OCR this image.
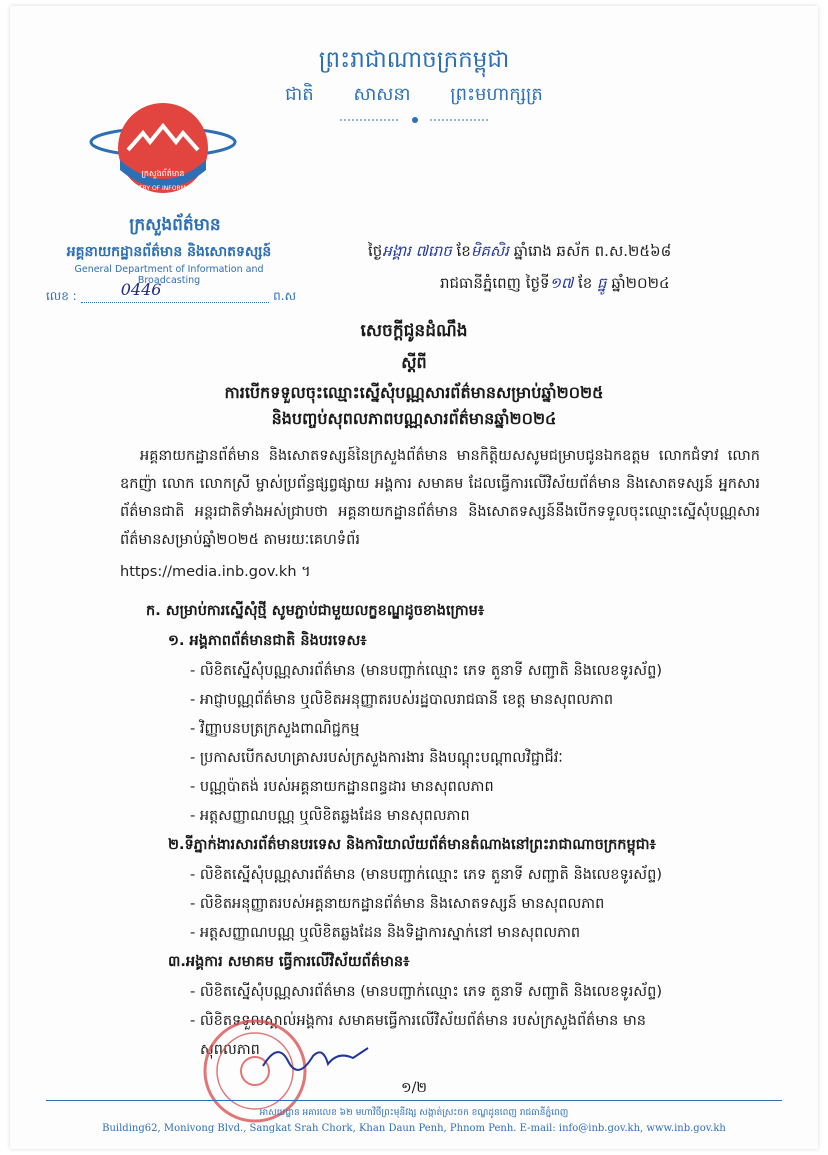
ព្រះរាជាណាចក្រកម្ពុជា
ជាតិ សាសនា ព្រះមហាក្សត្រ
ក្រសួងព័ត៌មាន
MINISTRY OF INFORMATION
ក្រសួងព័ត៌មាន
អគ្គនាយកដ្ឋានព័ត៌មាន និងសោតទស្សន៍
General Department of Information and Broadcasting
លេខ :	0446	ព.ស
ថ្ងៃអង្គារ ៧រោច ខែមិគសិរ ឆ្នាំរោង ឆស័ក ព.ស.២៥៦៨
រាជធានីភ្នំពេញ ថ្ងៃទី១៧ ខែ ធ្នូ ឆ្នាំ២០២៤
សេចក្តីជូនដំណឹង
ស្តីពី
ការបើកទទួលចុះឈ្មោះស្នើសុំបណ្ណសារព័ត៌មានសម្រាប់ឆ្នាំ២០២៥
និងបញ្ចប់សុពលភាពបណ្ណសារព័ត៌មានឆ្នាំ២០២៤
អគ្គនាយកដ្ឋានព័ត៌មាន និងសោតទស្សន៍នៃក្រសួងព័ត៌មាន មានកិត្តិយសសូមជម្រាបជូនឯកឧត្តម លោកជំទាវ លោកឧកញ៉ា លោក លោកស្រី ម្ចាស់ប្រព័ន្ធផ្សព្វផ្សាយ អង្គការ សមាគម ដែលធ្វើការលើវិស័យព័ត៌មាន និងសោតទស្សន៍ អ្នកសារព័ត៌មានជាតិ អន្តរជាតិទាំងអស់ជ្រាបថា អគ្គនាយកដ្ឋានព័ត៌មាន និងសោតទស្សន៍នឹងបើកទទួលចុះឈ្មោះស្នើសុំបណ្ណសារព័ត៌មានសម្រាប់ឆ្នាំ២០២៥ តាមរយៈគេហទំព័រ
https://media.inb.gov.kh ។
ក. សម្រាប់ការស្នើសុំថ្មី សូមភ្ជាប់ជាមួយលក្ខខណ្ឌដូចខាងក្រោម៖
១. អង្គភាពព័ត៌មានជាតិ និងបរទេស៖
- លិខិតស្នើសុំបណ្ណសារព័ត៌មាន (មានបញ្ជាក់ឈ្មោះ ភេទ តួនាទី សញ្ជាតិ និងលេខទូរស័ព្ទ)
- អាជ្ញាបណ្ណព័ត៌មាន ឬលិខិតអនុញ្ញាតរបស់រដ្ឋបាលរាជធានី ខេត្ត មានសុពលភាព
- វិញ្ញាបនបត្រក្រសួងពាណិជ្ជកម្ម
- ប្រកាសបើកសហគ្រាសរបស់ក្រសួងការងារ និងបណ្តុះបណ្តាលវិជ្ជាជីវៈ
- បណ្ណប៉ាតង់ របស់អគ្គនាយកដ្ឋានពន្ធដារ មានសុពលភាព
- អត្តសញ្ញាណបណ្ណ ឬលិខិតឆ្លងដែន មានសុពលភាព
២.ទីភ្នាក់ងារសារព័ត៌មានបរទេស និងការិយាល័យព័ត៌មានតំណាងនៅព្រះរាជាណាចក្រកម្ពុជា៖
- លិខិតស្នើសុំបណ្ណសារព័ត៌មាន (មានបញ្ជាក់ឈ្មោះ ភេទ តួនាទី សញ្ជាតិ និងលេខទូរស័ព្ទ)
- លិខិតអនុញ្ញាតរបស់អគ្គនាយកដ្ឋានព័ត៌មាន និងសោតទស្សន៍ មានសុពលភាព
- អត្តសញ្ញាណបណ្ណ ឬលិខិតឆ្លងដែន និងទិដ្ឋាការស្នាក់នៅ មានសុពលភាព
៣.អង្គការ សមាគម ធ្វើការលើវិស័យព័ត៌មាន៖
- លិខិតស្នើសុំបណ្ណសារព័ត៌មាន (មានបញ្ជាក់ឈ្មោះ ភេទ តួនាទី សញ្ជាតិ និងលេខទូរស័ព្ទ)
- លិខិតទទួលស្គាល់អង្គការ សមាគមធ្វើការលើវិស័យព័ត៌មាន របស់ក្រសួងព័ត៌មាន មាន
សុពលភាព
១/២
អាសយដ្ឋាន អគារលេខ ៦២ មហាវិថីព្រះមុនីវង្ស សង្កាត់ស្រះចក ខណ្ឌដូនពេញ រាជធានីភ្នំពេញ
Building62, Monivong Blvd., Sangkat Srah Chork, Khan Daun Penh, Phnom Penh. E-mail: info@inb.gov.kh, www.inb.gov.kh
